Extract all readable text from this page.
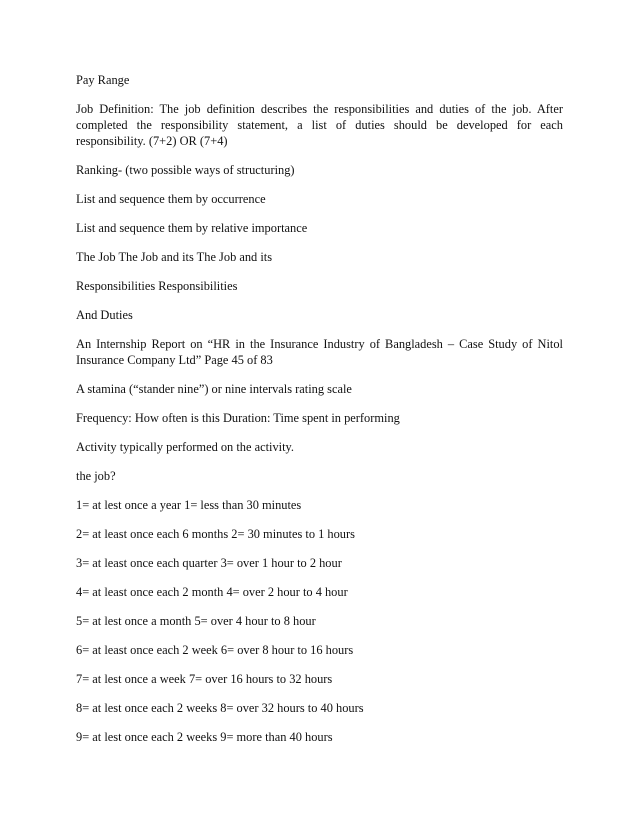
Pay Range

Job Definition: The job definition describes the responsibilities and duties of the job. After completed the responsibility statement, a list of duties should be developed for each responsibility. (7+2) OR (7+4)

Ranking- (two possible ways of structuring)

List and sequence them by occurrence

List and sequence them by relative importance

The Job The Job and its The Job and its

Responsibilities Responsibilities

And Duties

An Internship Report on “HR in the Insurance Industry of Bangladesh – Case Study of Nitol Insurance Company Ltd” Page 45 of 83

A stamina (“stander nine”) or nine intervals rating scale

Frequency: How often is this Duration: Time spent in performing

Activity typically performed on the activity.

the job?

1= at lest once a year 1= less than 30 minutes

2= at least once each 6 months 2= 30 minutes to 1 hours

3= at least once each quarter 3= over 1 hour to 2 hour

4= at least once each 2 month 4= over 2 hour to 4 hour

5= at lest once a month 5= over 4 hour to 8 hour

6= at least once each 2 week 6= over 8 hour to 16 hours

7= at lest once a week 7= over 16 hours to 32 hours

8= at lest once each 2 weeks 8= over 32 hours to 40 hours

9= at lest once each 2 weeks 9= more than 40 hours
